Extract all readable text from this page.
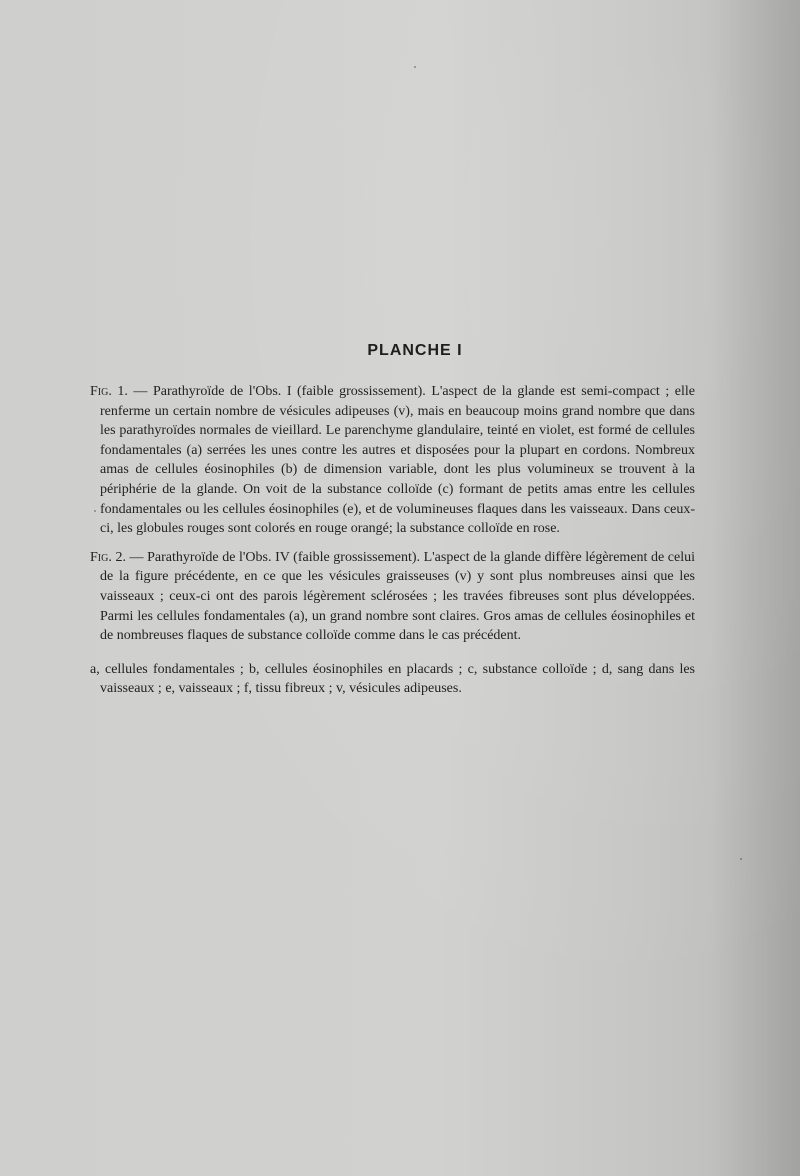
PLANCHE I

Fig. 1. — Parathyroïde de l'Obs. I (faible grossissement). L'aspect de la glande est semi-compact ; elle renferme un certain nombre de vésicules adipeuses (v), mais en beaucoup moins grand nombre que dans les parathyroïdes normales de vieillard. Le parenchyme glandulaire, teinté en violet, est formé de cellules fondamentales (a) serrées les unes contre les autres et disposées pour la plupart en cordons. Nombreux amas de cellules éosinophiles (b) de dimension variable, dont les plus volumineux se trouvent à la périphérie de la glande. On voit de la substance colloïde (c) formant de petits amas entre les cellules fondamentales ou les cellules éosinophiles (e), et de volumineuses flaques dans les vaisseaux. Dans ceux-ci, les globules rouges sont colorés en rouge orangé; la substance colloïde en rose.

Fig. 2. — Parathyroïde de l'Obs. IV (faible grossissement). L'aspect de la glande diffère légèrement de celui de la figure précédente, en ce que les vésicules graisseuses (v) y sont plus nombreuses ainsi que les vaisseaux ; ceux-ci ont des parois légèrement sclérosées ; les travées fibreuses sont plus développées. Parmi les cellules fondamentales (a), un grand nombre sont claires. Gros amas de cellules éosinophiles et de nombreuses flaques de substance colloïde comme dans le cas précédent.

a, cellules fondamentales ; b, cellules éosinophiles en placards ; c, substance colloïde ; d, sang dans les vaisseaux ; e, vaisseaux ; f, tissu fibreux ; v, vésicules adipeuses.
